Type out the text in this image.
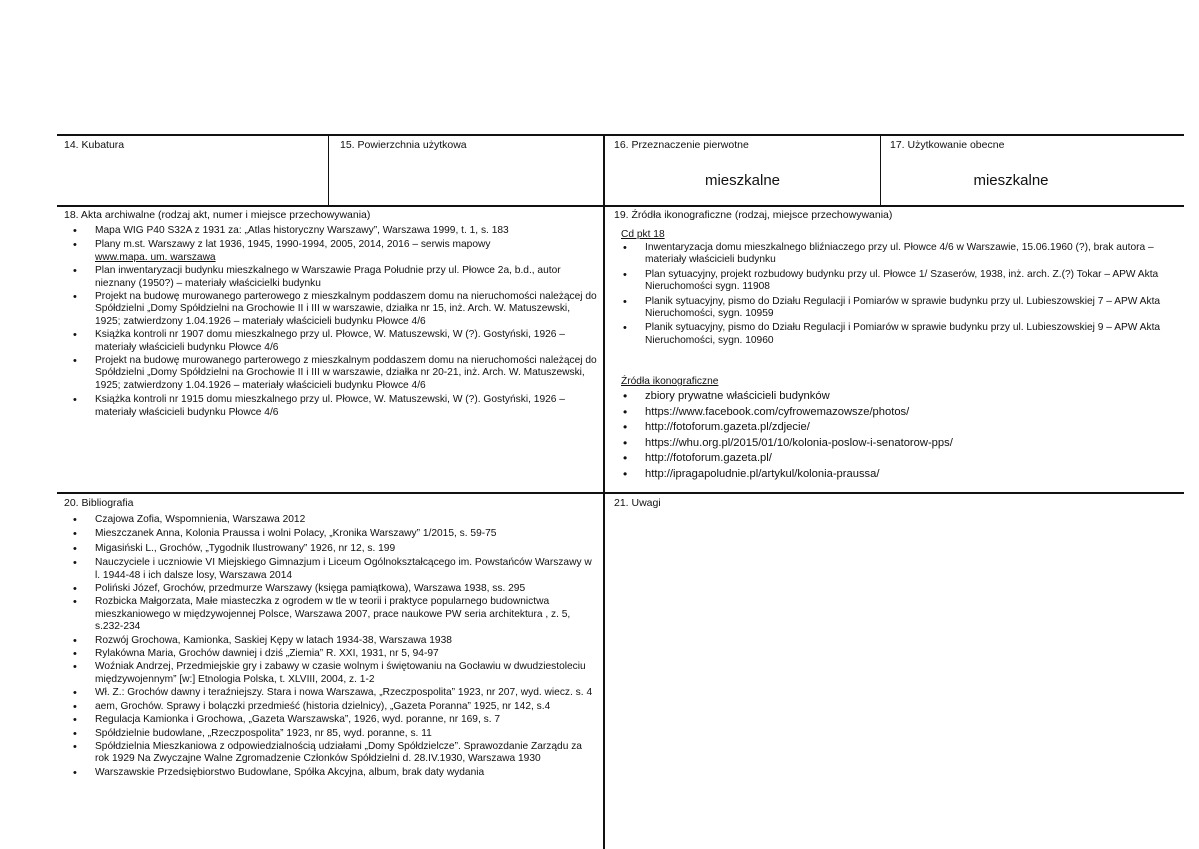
14. Kubatura	15. Powierzchnia użytkowa	16. Przeznaczenie pierwotne
mieszkalne
17. Użytkowanie obecne
mieszkalne
18. Akta archiwalne (rodzaj akt, numer i miejsce przechowywania)
• Mapa WIG P40 S32A z 1931 za: „Atlas historyczny Warszawy”, Warszawa 1999, t. 1, s. 183
• Plany m.st. Warszawy z lat 1936, 1945, 1990-1994, 2005, 2014, 2016 – serwis mapowy
www.mapa. um. warszawa
• Plan inwentaryzacji budynku mieszkalnego w Warszawie Praga Południe przy ul. Płowce 2a, b.d., autor nieznany (1950?) – materiały właścicielki budynku
• Projekt na budowę murowanego parterowego z mieszkalnym poddaszem domu na nieruchomości należącej do Spółdzielni „Domy Spółdzielni na Grochowie II i III w warszawie, działka nr 15, inż. Arch. W. Matuszewski, 1925; zatwierdzony 1.04.1926 – materiały właścicieli budynku Płowce 4/6
• Książka kontroli nr 1907 domu mieszkalnego przy ul. Płowce, W. Matuszewski, W (?). Gostyński, 1926 – materiały właścicieli budynku Płowce 4/6
• Projekt na budowę murowanego parterowego z mieszkalnym poddaszem domu na nieruchomości należącej do Spółdzielni „Domy Spółdzielni na Grochowie II i III w warszawie, działka nr 20-21, inż. Arch. W. Matuszewski, 1925; zatwierdzony 1.04.1926 – materiały właścicieli budynku Płowce 4/6
• Książka kontroli nr 1915 domu mieszkalnego przy ul. Płowce, W. Matuszewski, W (?). Gostyński, 1926 – materiały właścicieli budynku Płowce 4/6
19. Źródła ikonograficzne (rodzaj, miejsce przechowywania)
Cd pkt 18
• Inwentaryzacja domu mieszkalnego bliźniaczego przy ul. Płowce 4/6 w Warszawie, 15.06.1960 (?), brak autora – materiały właścicieli budynku
• Plan sytuacyjny, projekt rozbudowy budynku przy ul. Płowce 1/ Szaserów, 1938, inż. arch. Z.(?) Tokar – APW Akta Nieruchomości sygn. 11908
• Planik sytuacyjny, pismo do Działu Regulacji i Pomiarów w sprawie budynku przy ul. Lubieszowskiej 7 – APW Akta Nieruchomości, sygn. 10959
• Planik sytuacyjny, pismo do Działu Regulacji i Pomiarów w sprawie budynku przy ul. Lubieszowskiej 9 – APW Akta Nieruchomości, sygn. 10960
Źródła ikonograficzne
• zbiory prywatne właścicieli budynków
• https://www.facebook.com/cyfrowemazowsze/photos/
• http://fotoforum.gazeta.pl/zdjecie/
• https://whu.org.pl/2015/01/10/kolonia-poslow-i-senatorow-pps/
• http://fotoforum.gazeta.pl/
• http://ipragapoludnie.pl/artykul/kolonia-praussa/
20. Bibliografia
• Czajowa Zofia, Wspomnienia, Warszawa 2012
• Mieszczanek Anna, Kolonia Praussa i wolni Polacy, „Kronika Warszawy” 1/2015, s. 59-75
• Migasiński L., Grochów, „Tygodnik Ilustrowany” 1926, nr 12, s. 199
• Nauczyciele i uczniowie VI Miejskiego Gimnazjum i Liceum Ogólnokształcącego im. Powstańców Warszawy w l. 1944-48 i ich dalsze losy, Warszawa 2014
• Poliński Józef, Grochów, przedmurze Warszawy (księga pamiątkowa), Warszawa 1938, ss. 295
• Rozbicka Małgorzata, Małe miasteczka z ogrodem w tle w teorii i praktyce popularnego budownictwa mieszkaniowego w międzywojennej Polsce, Warszawa 2007, prace naukowe PW seria architektura , z. 5, s.232-234
• Rozwój Grochowa, Kamionka, Saskiej Kępy w latach 1934-38, Warszawa 1938
• Rylakówna Maria, Grochów dawniej i dziś „Ziemia” R. XXI, 1931, nr 5, 94-97
• Woźniak Andrzej, Przedmiejskie gry i zabawy w czasie wolnym i świętowaniu na Gocławiu w dwudziestoleciu międzywojennym” [w:] Etnologia Polska, t. XLVIII, 2004, z. 1-2
• Wł. Z.: Grochów dawny i teraźniejszy. Stara i nowa Warszawa, „Rzeczpospolita” 1923, nr 207, wyd. wiecz. s. 4
• aem, Grochów. Sprawy i bolączki przedmieść (historia dzielnicy), „Gazeta Poranna” 1925, nr 142, s.4
• Regulacja Kamionka i Grochowa, „Gazeta Warszawska”, 1926, wyd. poranne, nr 169, s. 7
• Spółdzielnie budowlane, „Rzeczpospolita” 1923, nr 85, wyd. poranne, s. 11
• Spółdzielnia Mieszkaniowa z odpowiedzialnością udziałami „Domy Spółdzielcze”. Sprawozdanie Zarządu za rok 1929 Na Zwyczajne Walne Zgromadzenie Członków Spółdzielni d. 28.IV.1930, Warszawa 1930
• Warszawskie Przedsiębiorstwo Budowlane, Spółka Akcyjna, album, brak daty wydania
21. Uwagi
